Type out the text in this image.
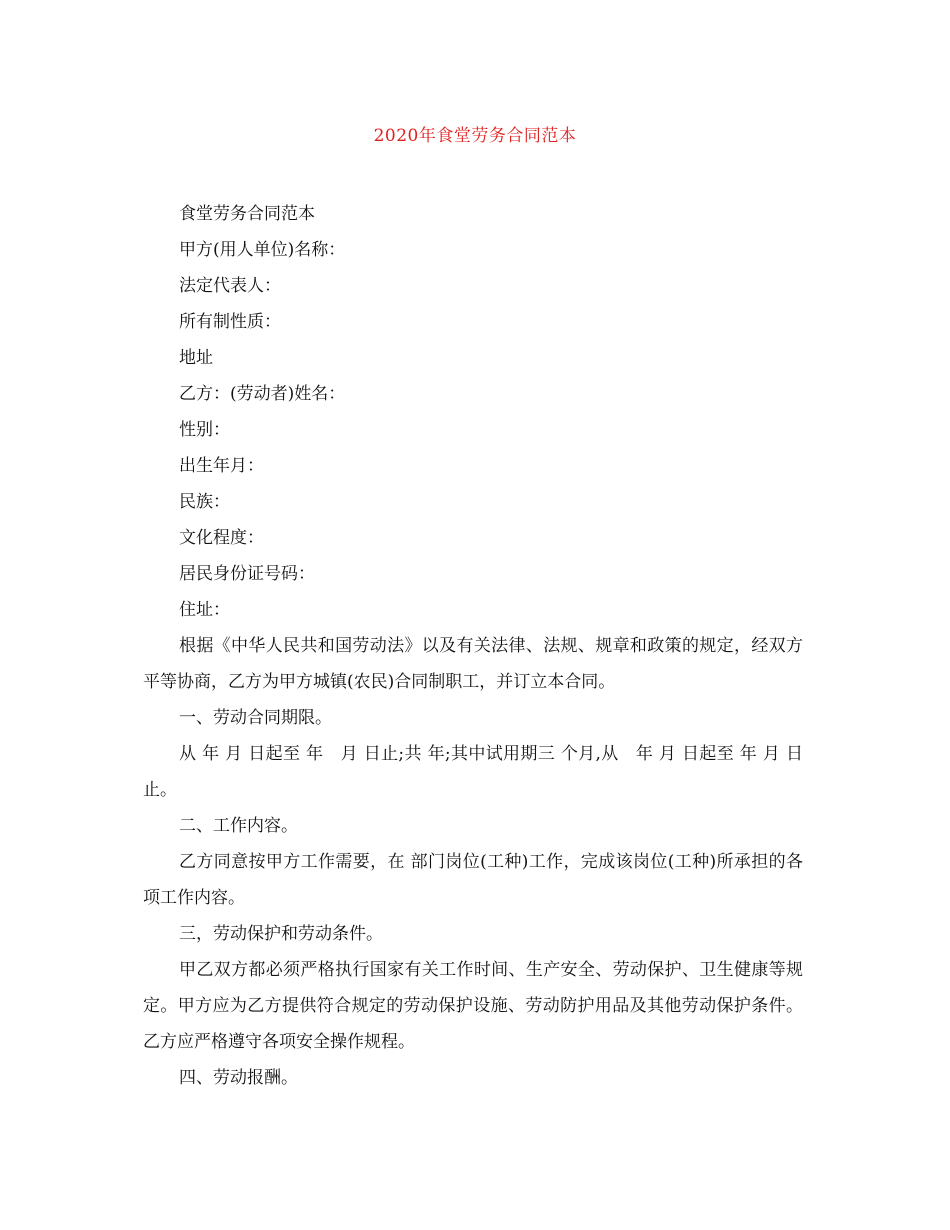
2020年食堂劳务合同范本

食堂劳务合同范本

甲方(用人单位)名称：

法定代表人：

所有制性质：

地址

乙方：(劳动者)姓名：

性别：

出生年月：

民族：

文化程度：

居民身份证号码：

住址：

根据《中华人民共和国劳动法》以及有关法律、法规、规章和政策的规定，经双方平等协商，乙方为甲方城镇(农民)合同制职工，并订立本合同。

一、劳动合同期限。

从 年 月 日起至 年   月 日止;共 年;其中试用期三 个月,从   年 月 日起至 年 月 日止。

二、工作内容。

乙方同意按甲方工作需要，在 部门岗位(工种)工作，完成该岗位(工种)所承担的各项工作内容。

三，劳动保护和劳动条件。

甲乙双方都必须严格执行国家有关工作时间、生产安全、劳动保护、卫生健康等规定。甲方应为乙方提供符合规定的劳动保护设施、劳动防护用品及其他劳动保护条件。乙方应严格遵守各项安全操作规程。

四、劳动报酬。
